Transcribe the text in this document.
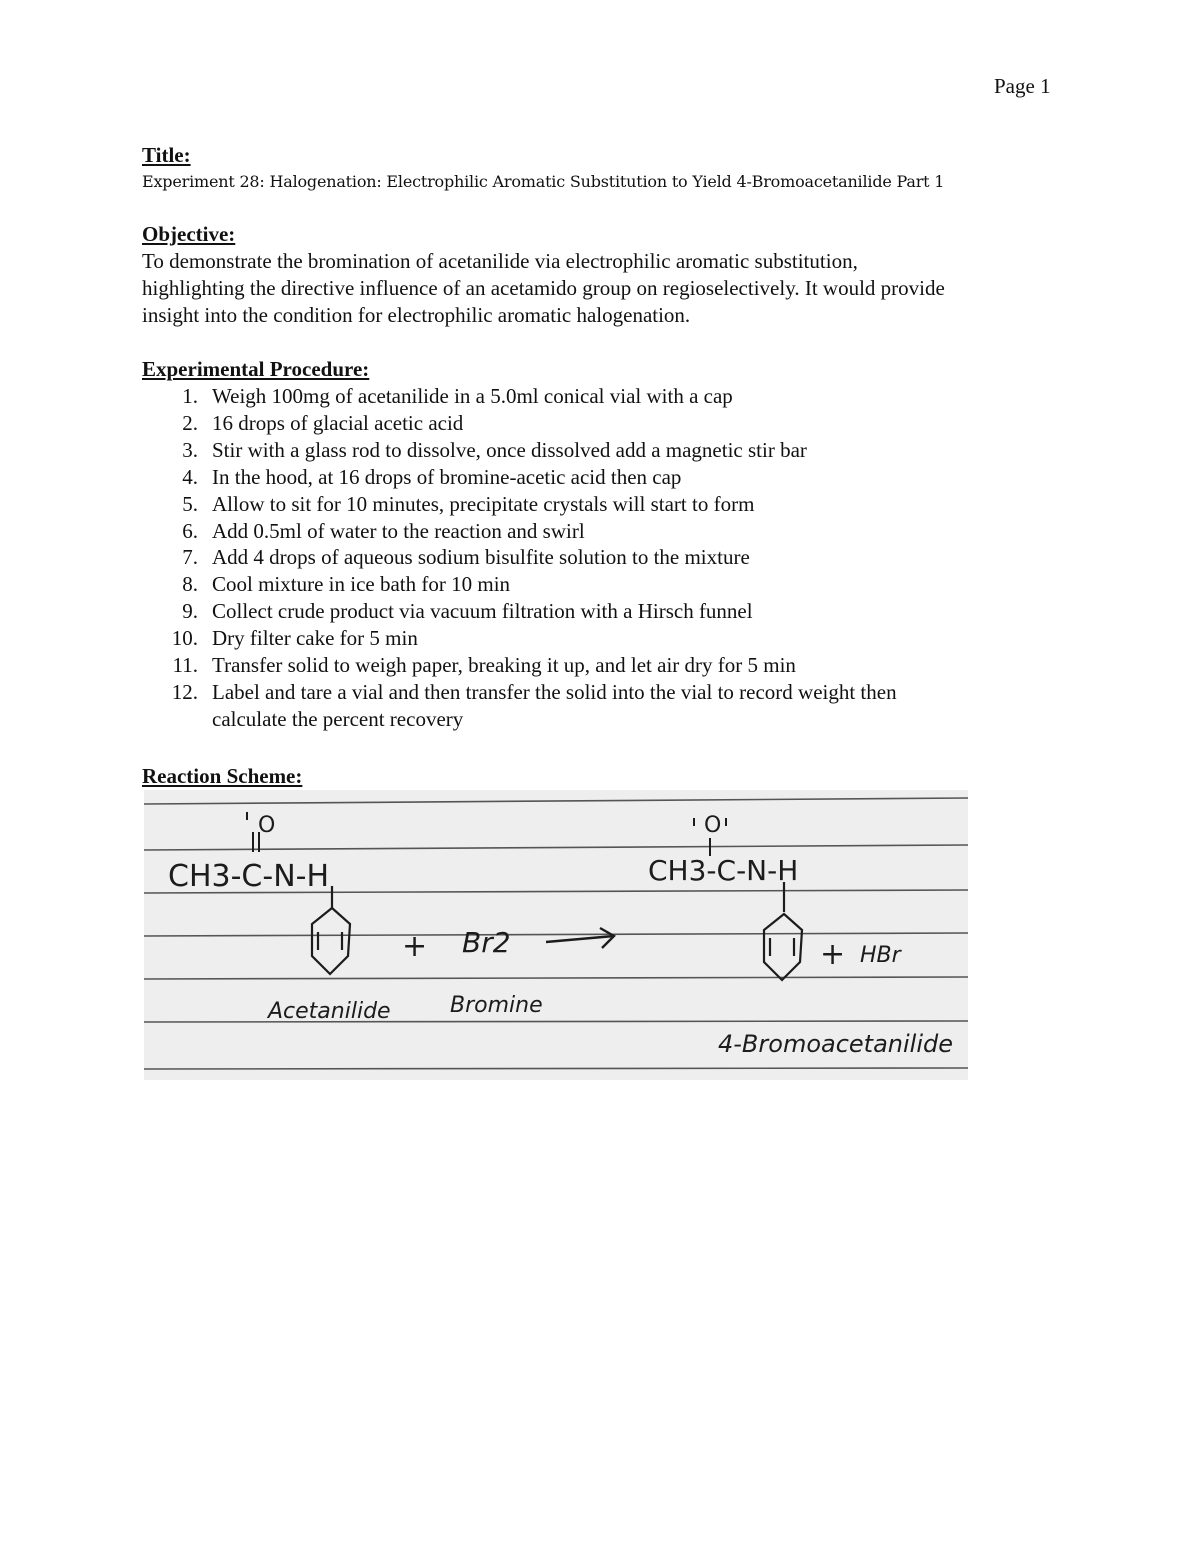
Page 1

Title:

Experiment 28: Halogenation: Electrophilic Aromatic Substitution to Yield 4-Bromoacetanilide Part 1

Objective:

To demonstrate the bromination of acetanilide via electrophilic aromatic substitution,

highlighting the directive influence of an acetamido group on regioselectively. It would provide

insight into the condition for electrophilic aromatic halogenation.

Experimental Procedure:

1. Weigh 100mg of acetanilide in a 5.0ml conical vial with a cap
2. 16 drops of glacial acetic acid
3. Stir with a glass rod to dissolve, once dissolved add a magnetic stir bar
4. In the hood, at 16 drops of bromine-acetic acid then cap
5. Allow to sit for 10 minutes, precipitate crystals will start to form
6. Add 0.5ml of water to the reaction and swirl
7. Add 4 drops of aqueous sodium bisulfite solution to the mixture
8. Cool mixture in ice bath for 10 min
9. Collect crude product via vacuum filtration with a Hirsch funnel
10. Dry filter cake for 5 min
11. Transfer solid to weigh paper, breaking it up, and let air dry for 5 min
12. Label and tare a vial and then transfer the solid into the vial to record weight then
calculate the percent recovery

Reaction Scheme:

O
CH3-C-N-H
Acetanilide
+ Br2
Bromine
O
CH3-C-N-H
4-Bromoacetanilide
+ HBr
